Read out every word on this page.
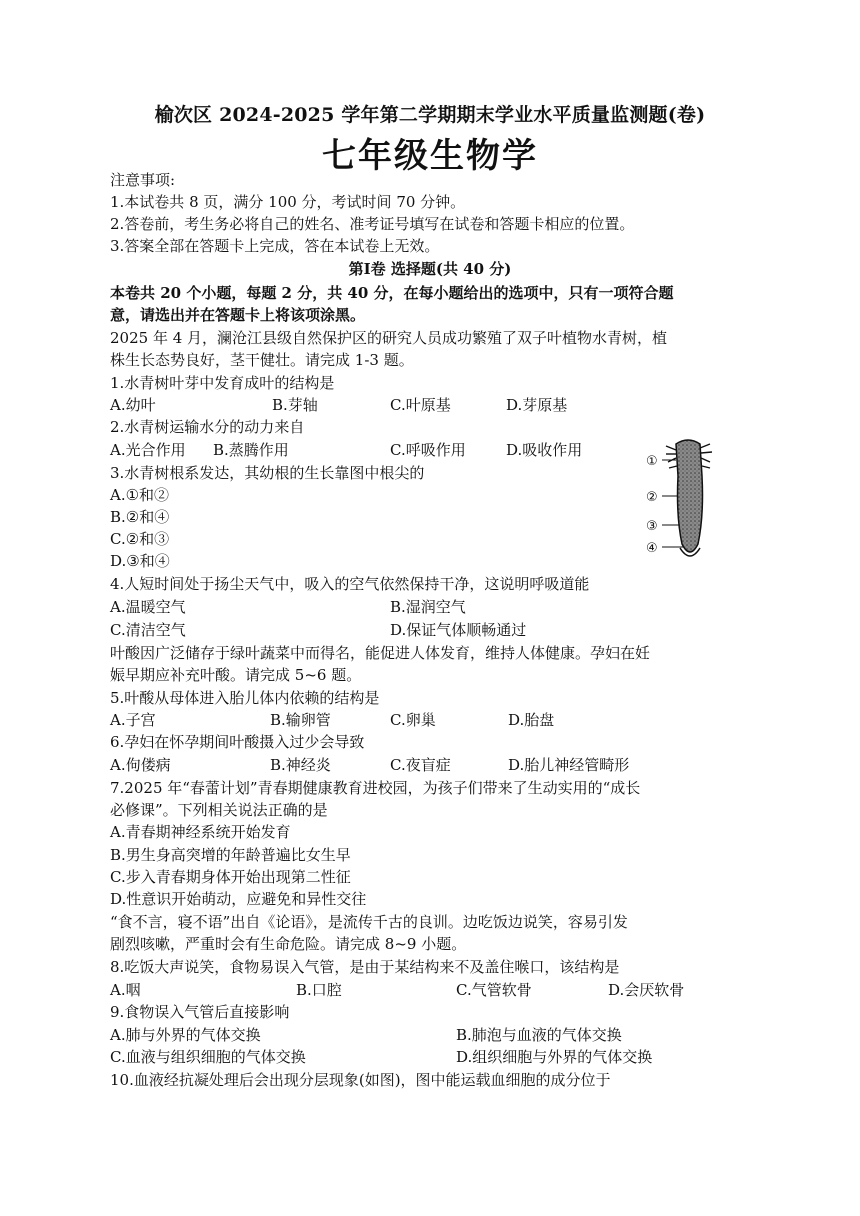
榆次区 2024-2025 学年第二学期期末学业水平质量监测题(卷)
七年级生物学
注意事项:
1.本试卷共 8 页，满分 100 分，考试时间 70 分钟。
2.答卷前，考生务必将自己的姓名、准考证号填写在试卷和答题卡相应的位置。
3.答案全部在答题卡上完成，答在本试卷上无效。
第Ⅰ卷 选择题(共 40 分)
本卷共 20 个小题，每题 2 分，共 40 分，在每小题给出的选项中，只有一项符合题
意，请选出并在答题卡上将该项涂黑。
2025 年 4 月，澜沧江县级自然保护区的研究人员成功繁殖了双子叶植物水青树，植
株生长态势良好，茎干健壮。请完成 1-3 题。
1.水青树叶芽中发育成叶的结构是
A.幼叶	B.芽轴	C.叶原基	D.芽原基
2.水青树运输水分的动力来自
A.光合作用 B.蒸腾作用	C.呼吸作用	D.吸收作用
3.水青树根系发达，其幼根的生长靠图中根尖的
A.①和②
B.②和④
C.②和③
D.③和④
①
②
③
④
4.人短时间处于扬尘天气中，吸入的空气依然保持干净，这说明呼吸道能
A.温暖空气	B.湿润空气
C.清洁空气	D.保证气体顺畅通过
叶酸因广泛储存于绿叶蔬菜中而得名，能促进人体发育，维持人体健康。孕妇在妊
娠早期应补充叶酸。请完成 5~6 题。
5.叶酸从母体进入胎儿体内依赖的结构是
A.子宫	B.输卵管	C.卵巢	D.胎盘
6.孕妇在怀孕期间叶酸摄入过少会导致
A.佝偻病	B.神经炎	C.夜盲症	D.胎儿神经管畸形
7.2025 年“春蕾计划”青春期健康教育进校园，为孩子们带来了生动实用的“成长
必修课”。下列相关说法正确的是
A.青春期神经系统开始发育
B.男生身高突增的年龄普遍比女生早
C.步入青春期身体开始出现第二性征
D.性意识开始萌动，应避免和异性交往
“食不言，寝不语”出自《论语》，是流传千古的良训。边吃饭边说笑，容易引发
剧烈咳嗽，严重时会有生命危险。请完成 8~9 小题。
8.吃饭大声说笑，食物易误入气管，是由于某结构来不及盖住喉口，该结构是
A.咽	B.口腔	C.气管软骨	D.会厌软骨
9.食物误入气管后直接影响
A.肺与外界的气体交换	B.肺泡与血液的气体交换
C.血液与组织细胞的气体交换	D.组织细胞与外界的气体交换
10.血液经抗凝处理后会出现分层现象(如图)，图中能运载血细胞的成分位于
